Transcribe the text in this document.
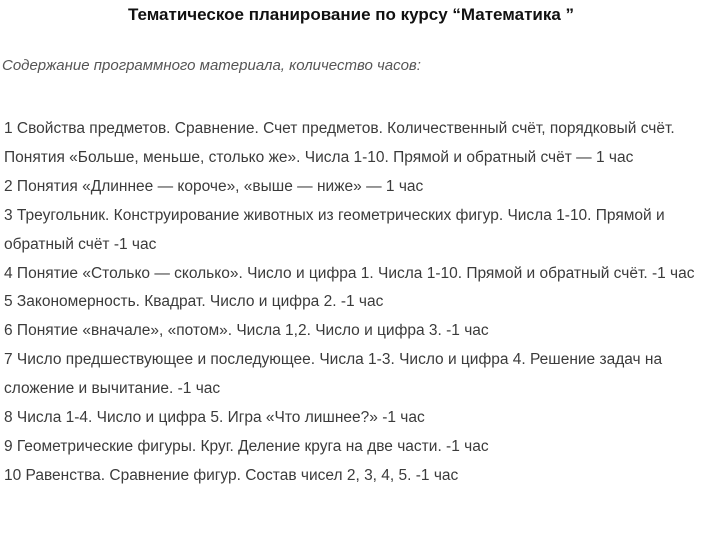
Тематическое планирование по курсу “Математика ”
Содержание программного материала, количество часов:
1 Свойства предметов. Сравнение. Счет предметов. Количественный счёт, порядковый счёт. Понятия «Больше, меньше, столько же». Числа 1-10. Прямой и обратный счёт — 1 час
2 Понятия «Длиннее — короче», «выше — ниже» — 1 час
3 Треугольник. Конструирование животных из геометрических фигур. Числа 1-10. Прямой и обратный счёт -1 час
4 Понятие «Столько — сколько». Число и цифра 1. Числа 1-10. Прямой и обратный счёт. -1 час
5 Закономерность. Квадрат. Число и цифра 2. -1 час
6 Понятие «вначале», «потом». Числа 1,2. Число и цифра 3. -1 час
7 Число предшествующее и последующее. Числа 1-3. Число и цифра 4. Решение задач на сложение и вычитание. -1 час
8 Числа 1-4. Число и цифра 5. Игра «Что лишнее?» -1 час
9 Геометрические фигуры. Круг. Деление круга на две части. -1 час
10 Равенства. Сравнение фигур. Состав чисел 2, 3, 4, 5. -1 час
